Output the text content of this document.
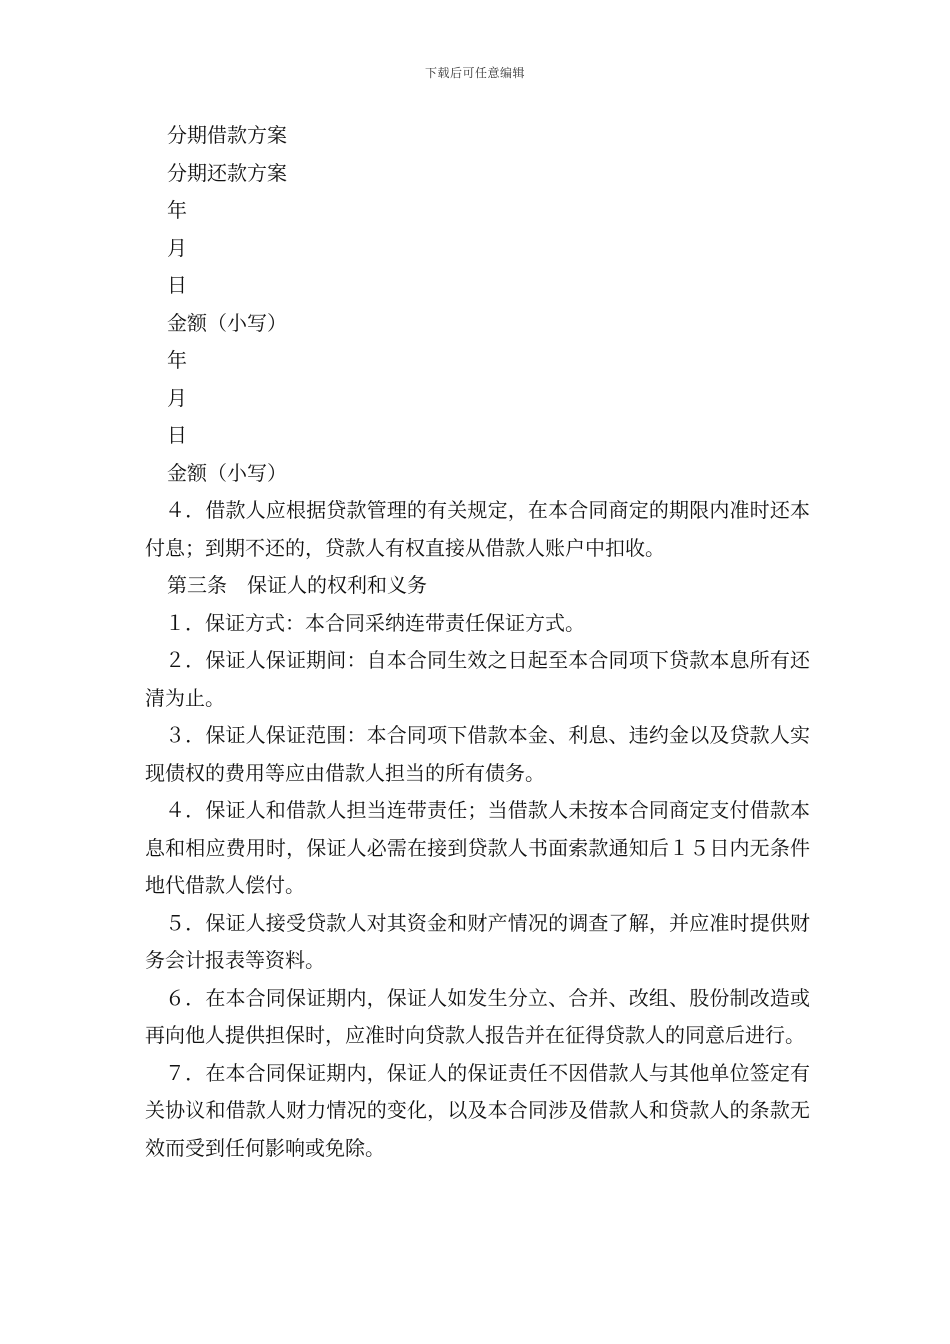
下载后可任意编辑

分期借款方案

分期还款方案

年

月

日

金额（小写）

年

月

日

金额（小写）

４．借款人应根据贷款管理的有关规定，在本合同商定的期限内准时还本付息；到期不还的，贷款人有权直接从借款人账户中扣收。

第三条　保证人的权利和义务

１．保证方式：本合同采纳连带责任保证方式。

２．保证人保证期间：自本合同生效之日起至本合同项下贷款本息所有还清为止。

３．保证人保证范围：本合同项下借款本金、利息、违约金以及贷款人实现债权的费用等应由借款人担当的所有债务。

４．保证人和借款人担当连带责任；当借款人未按本合同商定支付借款本息和相应费用时，保证人必需在接到贷款人书面索款通知后１５日内无条件地代借款人偿付。

５．保证人接受贷款人对其资金和财产情况的调查了解，并应准时提供财务会计报表等资料。

６．在本合同保证期内，保证人如发生分立、合并、改组、股份制改造或再向他人提供担保时，应准时向贷款人报告并在征得贷款人的同意后进行。

７．在本合同保证期内，保证人的保证责任不因借款人与其他单位签定有关协议和借款人财力情况的变化，以及本合同涉及借款人和贷款人的条款无效而受到任何影响或免除。
